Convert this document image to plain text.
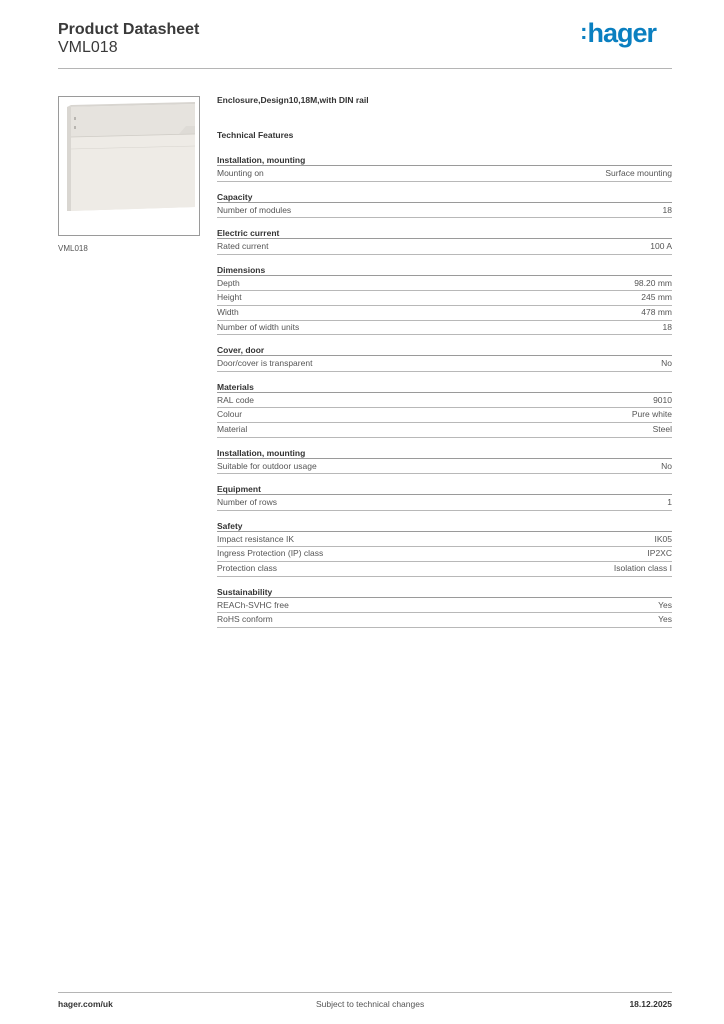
Product Datasheet
VML018
:hager
VML018
Enclosure,Design10,18M,with DIN rail
Technical Features
Installation, mounting
Mounting on	Surface mounting
Capacity
Number of modules	18
Electric current
Rated current	100 A
Dimensions
Depth	98.20 mm
Height	245 mm
Width	478 mm
Number of width units	18
Cover, door
Door/cover is transparent	No
Materials
RAL code	9010
Colour	Pure white
Material	Steel
Installation, mounting
Suitable for outdoor usage	No
Equipment
Number of rows	1
Safety
Impact resistance IK	IK05
Ingress Protection (IP) class	IP2XC
Protection class	Isolation class I
Sustainability
REACh-SVHC free	Yes
RoHS conform	Yes
hager.com/uk	Subject to technical changes	18.12.2025
